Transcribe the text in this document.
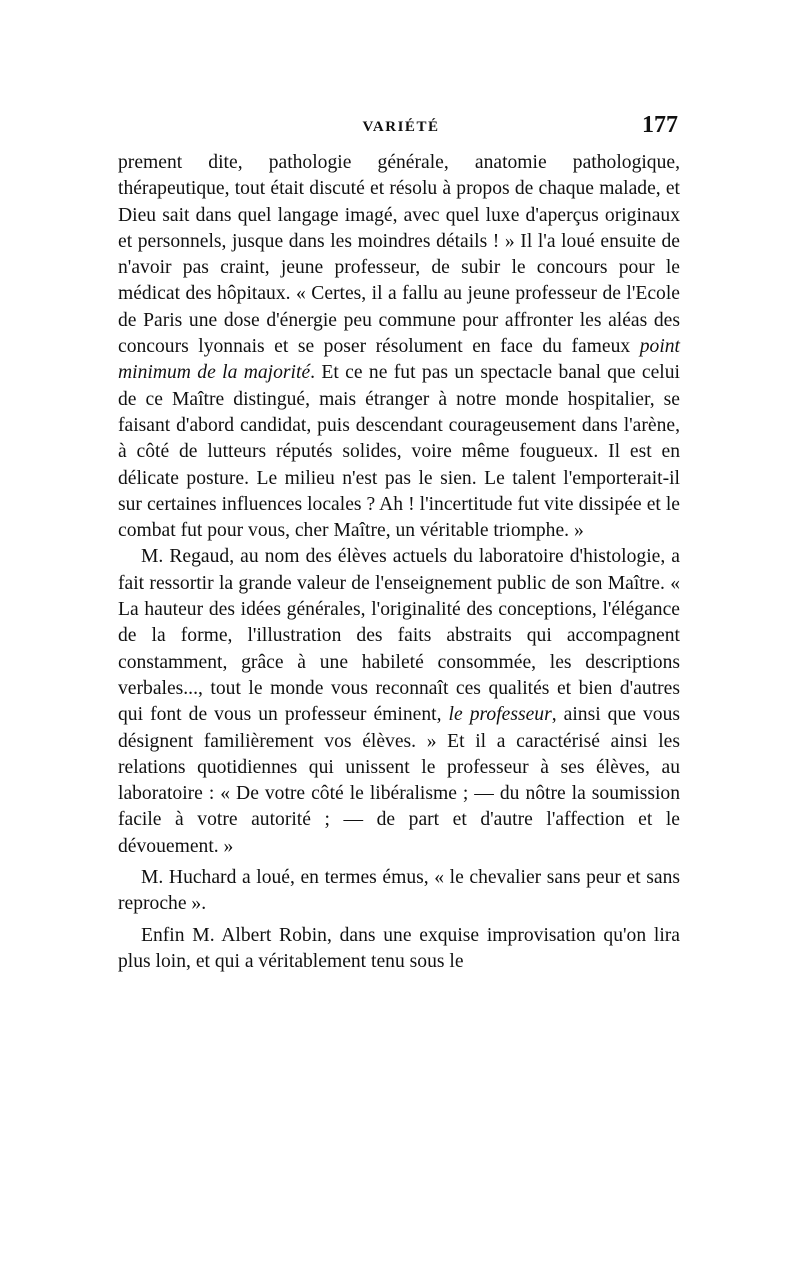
VARIÉTÉ	177

prement dite, pathologie générale, anatomie pathologique, thérapeutique, tout était discuté et résolu à propos de chaque malade, et Dieu sait dans quel langage imagé, avec quel luxe d'aperçus originaux et personnels, jusque dans les moindres détails ! » Il l'a loué ensuite de n'avoir pas craint, jeune professeur, de subir le concours pour le médicat des hôpitaux. « Certes, il a fallu au jeune professeur de l'Ecole de Paris une dose d'énergie peu commune pour affronter les aléas des concours lyonnais et se poser résolument en face du fameux point minimum de la majorité. Et ce ne fut pas un spectacle banal que celui de ce Maître distingué, mais étranger à notre monde hospitalier, se faisant d'abord candidat, puis descendant courageusement dans l'arène, à côté de lutteurs réputés solides, voire même fougueux. Il est en délicate posture. Le milieu n'est pas le sien. Le talent l'emporterait-il sur certaines influences locales ? Ah ! l'incertitude fut vite dissipée et le combat fut pour vous, cher Maître, un véritable triomphe. »

M. Regaud, au nom des élèves actuels du laboratoire d'histologie, a fait ressortir la grande valeur de l'enseignement public de son Maître. « La hauteur des idées générales, l'originalité des conceptions, l'élégance de la forme, l'illustration des faits abstraits qui accompagnent constamment, grâce à une habileté consommée, les descriptions verbales..., tout le monde vous reconnaît ces qualités et bien d'autres qui font de vous un professeur éminent, le professeur, ainsi que vous désignent familièrement vos élèves. » Et il a caractérisé ainsi les relations quotidiennes qui unissent le professeur à ses élèves, au laboratoire : « De votre côté le libéralisme ; — du nôtre la soumission facile à votre autorité ; — de part et d'autre l'affection et le dévouement. »

M. Huchard a loué, en termes émus, « le chevalier sans peur et sans reproche ».

Enfin M. Albert Robin, dans une exquise improvisation qu'on lira plus loin, et qui a véritablement tenu sous le
